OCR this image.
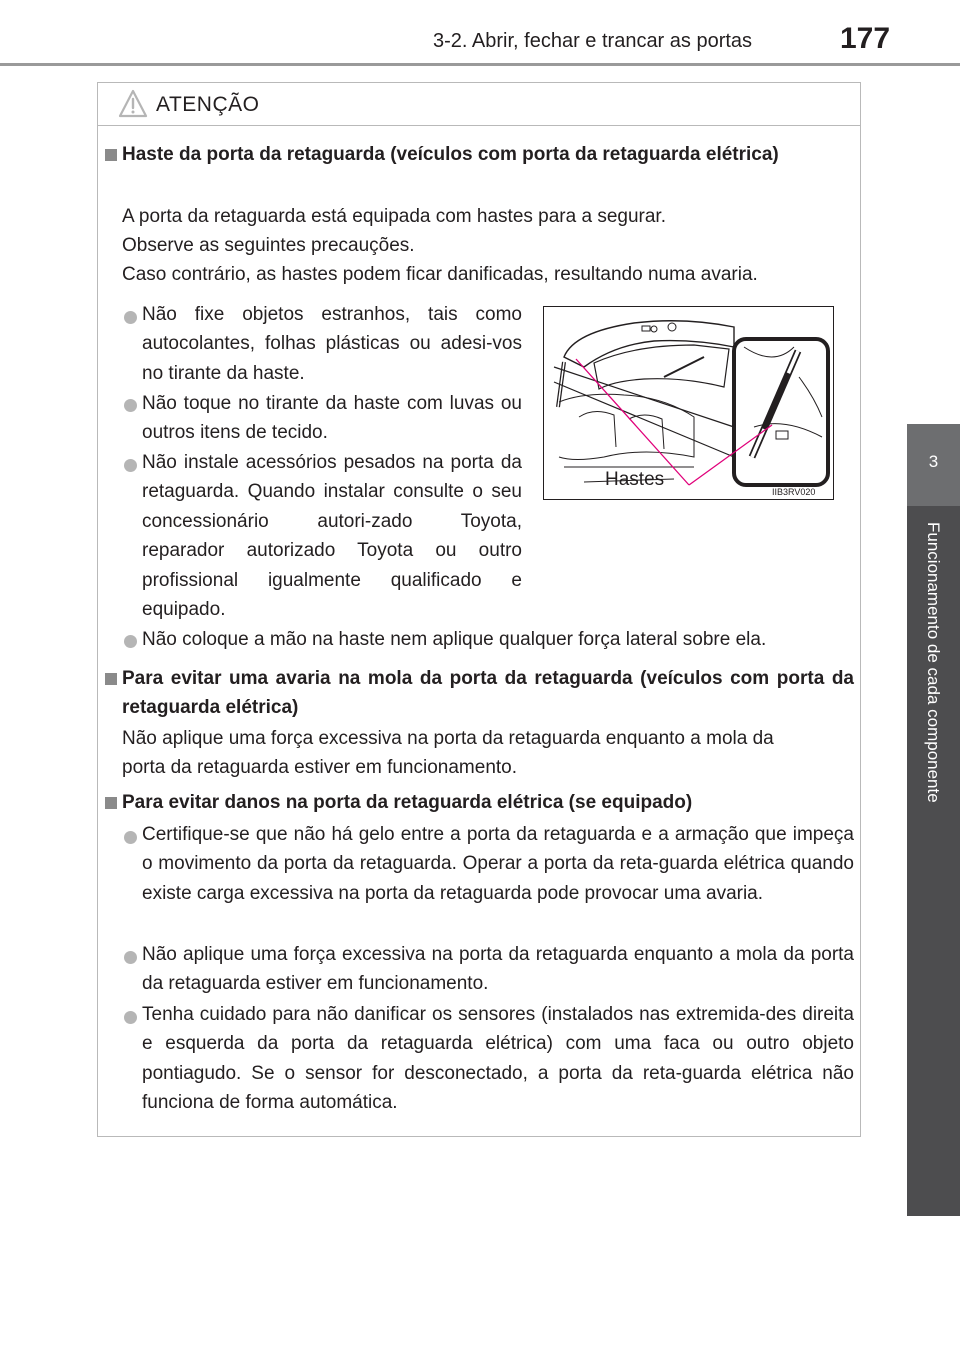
3-2. Abrir, fechar e trancar as portas	177
3
Funcionamento de cada componente
ATENÇÃO
Haste da porta da retaguarda (veículos com porta da retaguarda elétrica)
A porta da retaguarda está equipada com hastes para a segurar.
Observe as seguintes precauções.
Caso contrário, as hastes podem ficar danificadas, resultando numa avaria.
Não fixe objetos estranhos, tais como autocolantes, folhas plásticas ou adesi-vos no tirante da haste.
Não toque no tirante da haste com luvas ou outros itens de tecido.
Não instale acessórios pesados na porta da retaguarda. Quando instalar consulte o seu concessionário autori-zado Toyota, reparador autorizado Toyota ou outro profissional igualmente qualificado e equipado.
Não coloque a mão na haste nem aplique qualquer força lateral sobre ela.
Hastes
IIB3RV020
Para evitar uma avaria na mola da porta da retaguarda (veículos com porta da retaguarda elétrica)
Não aplique uma força excessiva na porta da retaguarda enquanto a mola da porta da retaguarda estiver em funcionamento.
Para evitar danos na porta da retaguarda elétrica (se equipado)
Certifique-se que não há gelo entre a porta da retaguarda e a armação que impeça o movimento da porta da retaguarda. Operar a porta da reta-guarda elétrica quando existe carga excessiva na porta da retaguarda pode provocar uma avaria.
Não aplique uma força excessiva na porta da retaguarda enquanto a mola da porta da retaguarda estiver em funcionamento.
Tenha cuidado para não danificar os sensores (instalados nas extremida-des direita e esquerda da porta da retaguarda elétrica) com uma faca ou outro objeto pontiagudo. Se o sensor for desconectado, a porta da reta-guarda elétrica não funciona de forma automática.
